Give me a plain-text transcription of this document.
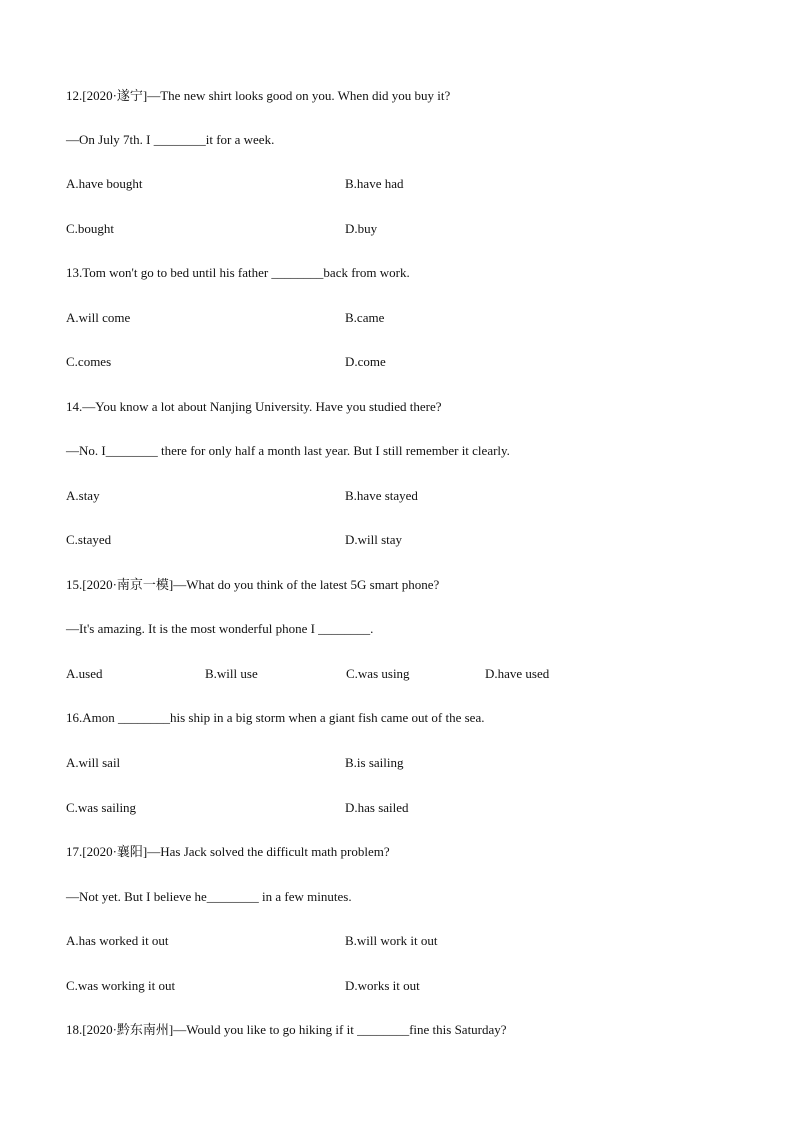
12.[2020·遂宁]—The new shirt looks good on you. When did you buy it?
—On July 7th. I ________it for a week.
A.have bought	B.have had
C.bought	D.buy
13.Tom won't go to bed until his father ________back from work.
A.will come	B.came
C.comes	D.come
14.—You know a lot about Nanjing University. Have you studied there?
—No. I________ there for only half a month last year. But I still remember it clearly.
A.stay	B.have stayed
C.stayed	D.will stay
15.[2020·南京一模]—What do you think of the latest 5G smart phone?
—It's amazing. It is the most wonderful phone I ________.
A.used	B.will use	C.was using	D.have used
16.Amon ________his ship in a big storm when a giant fish came out of the sea.
A.will sail	B.is sailing
C.was sailing	D.has sailed
17.[2020·襄阳]—Has Jack solved the difficult math problem?
—Not yet. But I believe he________ in a few minutes.
A.has worked it out	B.will work it out
C.was working it out	D.works it out
18.[2020·黔东南州]—Would you like to go hiking if it ________fine this Saturday?
